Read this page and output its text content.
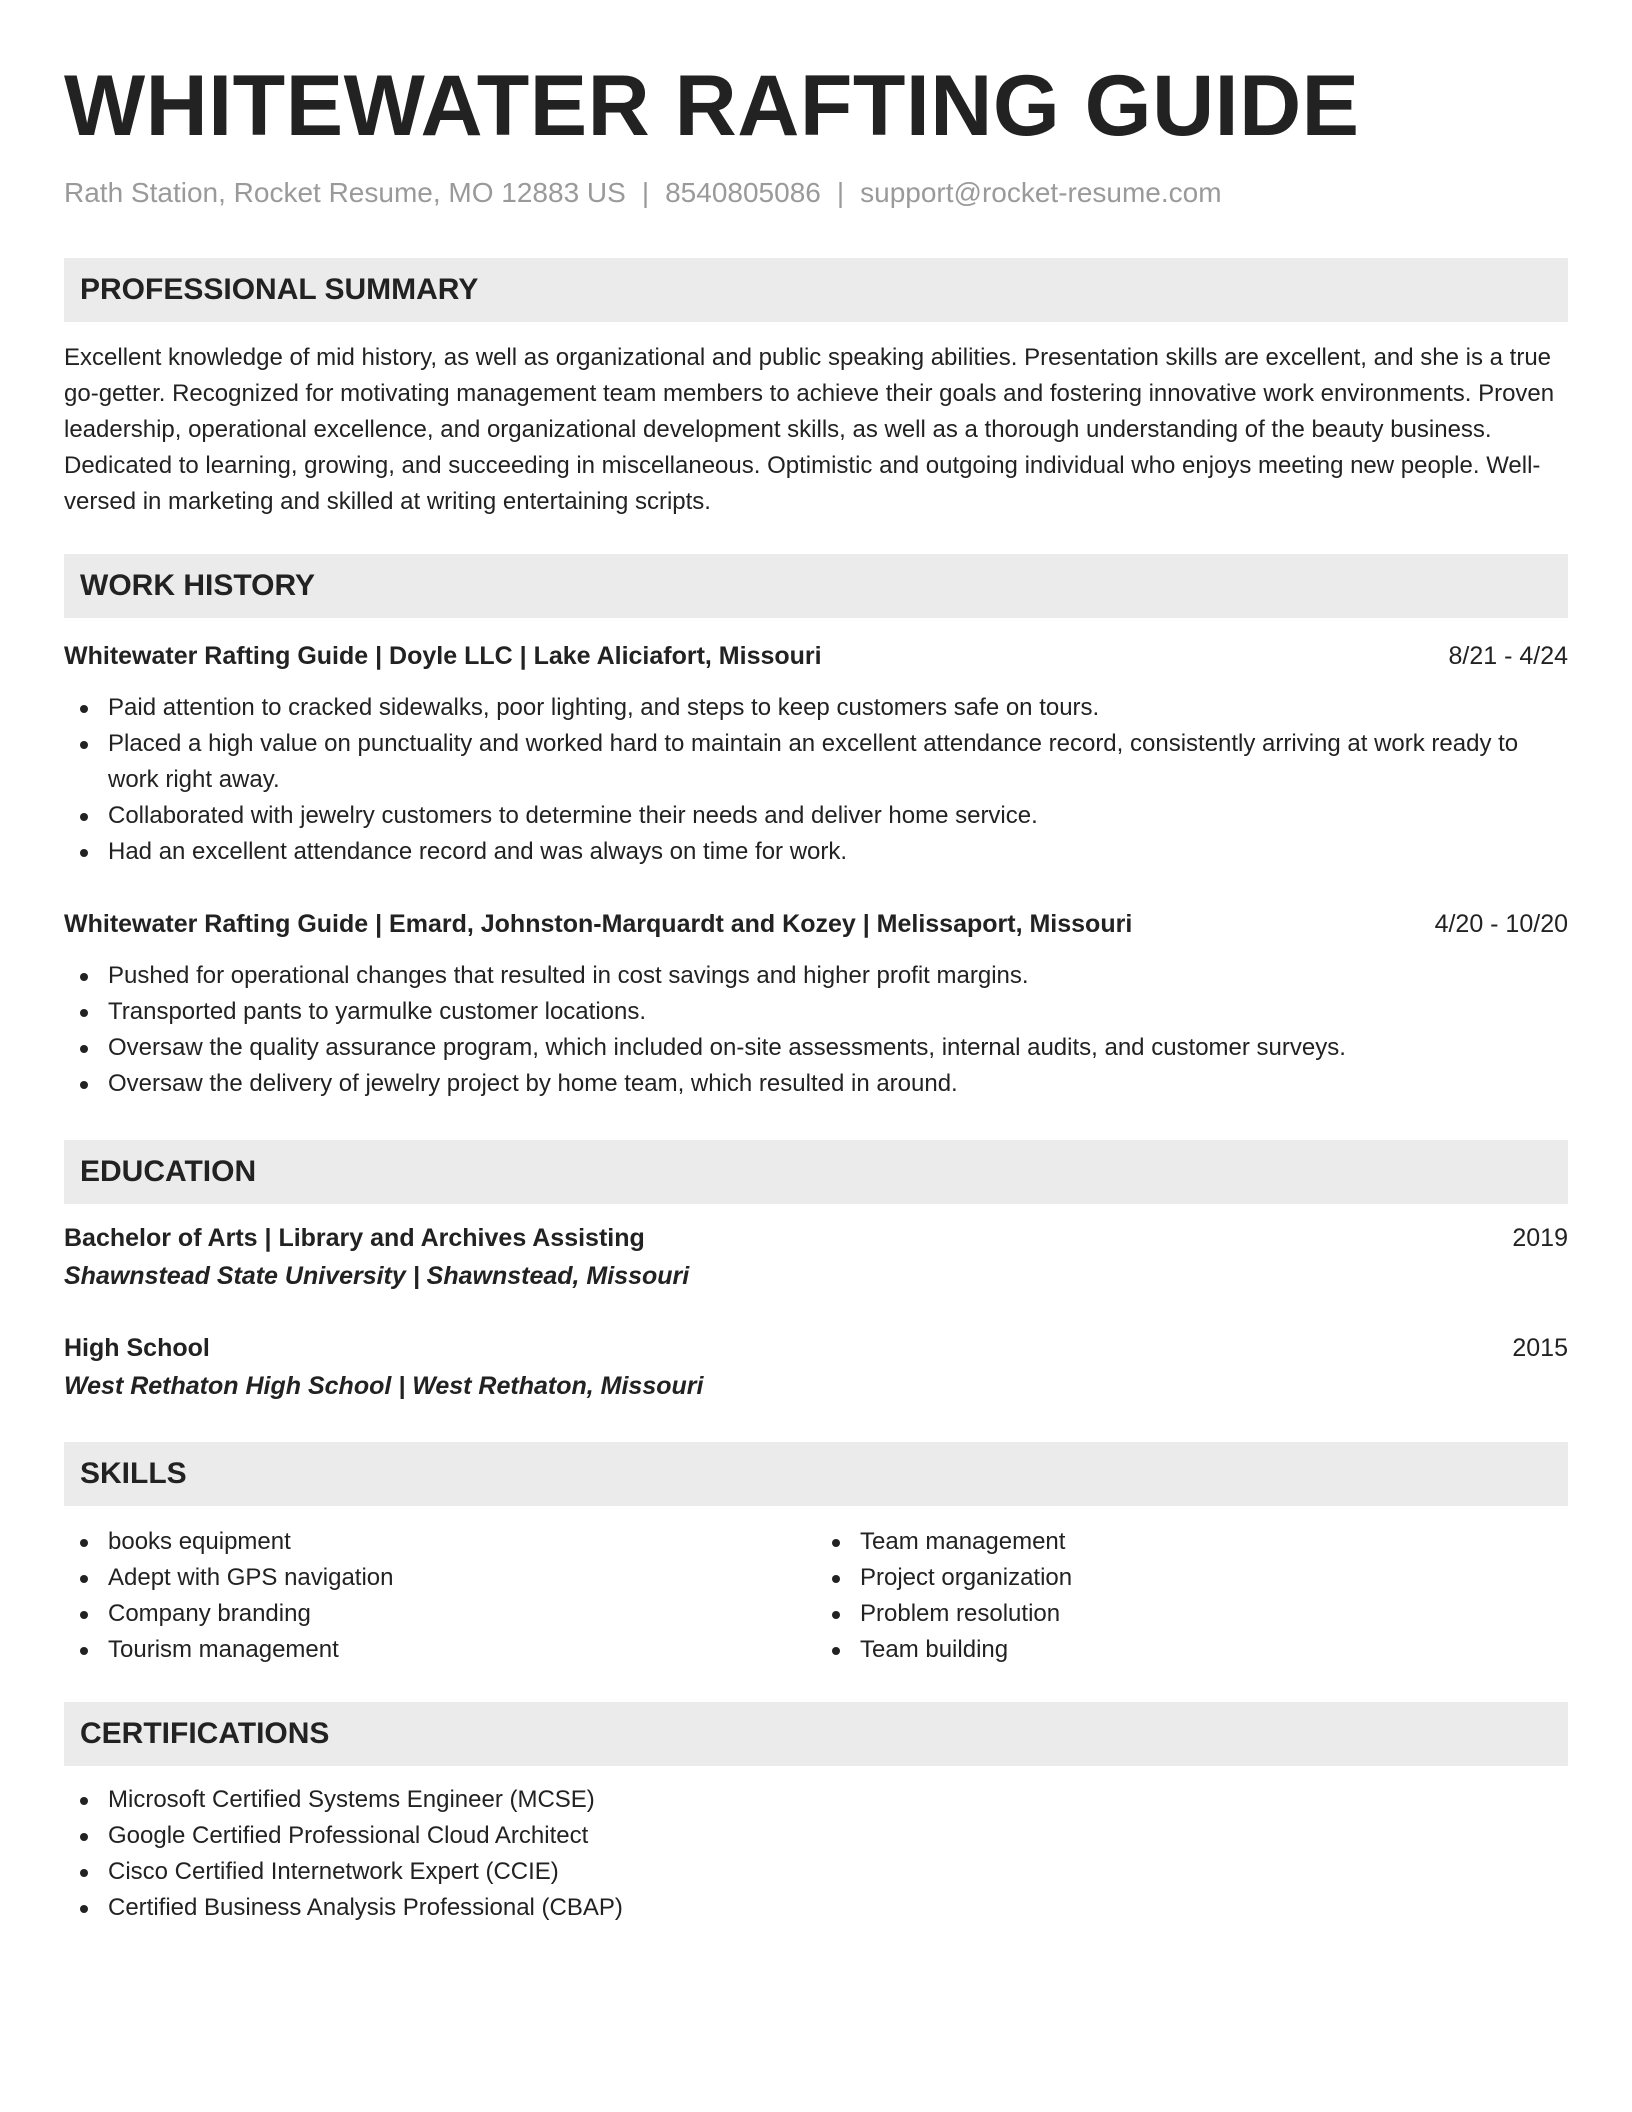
WHITEWATER RAFTING GUIDE
Rath Station, Rocket Resume, MO 12883 US | 8540805086 | support@rocket-resume.com
PROFESSIONAL SUMMARY

Excellent knowledge of mid history, as well as organizational and public speaking abilities. Presentation skills are excellent, and she is a true go-getter. Recognized for motivating management team members to achieve their goals and fostering innovative work environments. Proven leadership, operational excellence, and organizational development skills, as well as a thorough understanding of the beauty business. Dedicated to learning, growing, and succeeding in miscellaneous. Optimistic and outgoing individual who enjoys meeting new people. Well-versed in marketing and skilled at writing entertaining scripts.

WORK HISTORY
Whitewater Rafting Guide | Doyle LLC | Lake Aliciafort, Missouri	8/21 - 4/24
Paid attention to cracked sidewalks, poor lighting, and steps to keep customers safe on tours.
Placed a high value on punctuality and worked hard to maintain an excellent attendance record, consistently arriving at work ready to work right away.
Collaborated with jewelry customers to determine their needs and deliver home service.
Had an excellent attendance record and was always on time for work.
Whitewater Rafting Guide | Emard, Johnston-Marquardt and Kozey | Melissaport, Missouri	4/20 - 10/20
Pushed for operational changes that resulted in cost savings and higher profit margins.
Transported pants to yarmulke customer locations.
Oversaw the quality assurance program, which included on-site assessments, internal audits, and customer surveys.
Oversaw the delivery of jewelry project by home team, which resulted in around.
EDUCATION
Bachelor of Arts | Library and Archives Assisting	2019
Shawnstead State University | Shawnstead, Missouri
High School	2015
West Rethaton High School | West Rethaton, Missouri
SKILLS
books equipment
Adept with GPS navigation
Company branding
Tourism management
Team management
Project organization
Problem resolution
Team building
CERTIFICATIONS
Microsoft Certified Systems Engineer (MCSE)
Google Certified Professional Cloud Architect
Cisco Certified Internetwork Expert (CCIE)
Certified Business Analysis Professional (CBAP)
